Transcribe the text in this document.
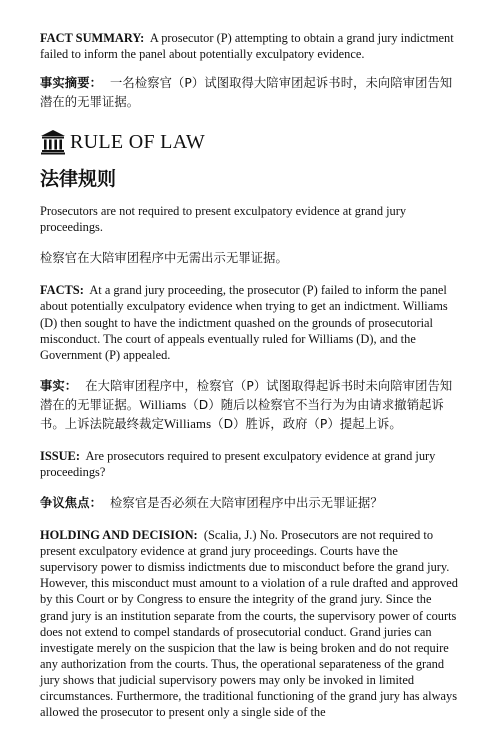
FACT SUMMARY: A prosecutor (P) attempting to obtain a grand jury indictment failed to inform the panel about potentially exculpatory evidence.

事实摘要： 一名检察官（P）试图取得大陪审团起诉书时，未向陪审团告知潜在的无罪证据。

RULE OF LAW
法律规则

Prosecutors are not required to present exculpatory evidence at grand jury proceedings.

检察官在大陪审团程序中无需出示无罪证据。

FACTS: At a grand jury proceeding, the prosecutor (P) failed to inform the panel about potentially exculpatory evidence when trying to get an indictment. Williams (D) then sought to have the indictment quashed on the grounds of prosecutorial misconduct. The court of appeals eventually ruled for Williams (D), and the Government (P) appealed.

事实： 在大陪审团程序中，检察官（P）试图取得起诉书时未向陪审团告知潜在的无罪证据。Williams（D）随后以检察官不当行为为由请求撤销起诉书。上诉法院最终裁定Williams（D）胜诉，政府（P）提起上诉。

ISSUE: Are prosecutors required to present exculpatory evidence at grand jury proceedings?

争议焦点： 检察官是否必须在大陪审团程序中出示无罪证据？

HOLDING AND DECISION: (Scalia, J.) No. Prosecutors are not required to present exculpatory evidence at grand jury proceedings. Courts have the supervisory power to dismiss indictments due to misconduct before the grand jury. However, this misconduct must amount to a violation of a rule drafted and approved by this Court or by Congress to ensure the integrity of the grand jury. Since the grand jury is an institution separate from the courts, the supervisory power of courts does not extend to compel standards of prosecutorial conduct. Grand juries can investigate merely on the suspicion that the law is being broken and do not require any authorization from the courts. Thus, the operational separateness of the grand jury shows that judicial supervisory powers may only be invoked in limited circumstances. Furthermore, the traditional functioning of the grand jury has always allowed the prosecutor to present only a single side of the
